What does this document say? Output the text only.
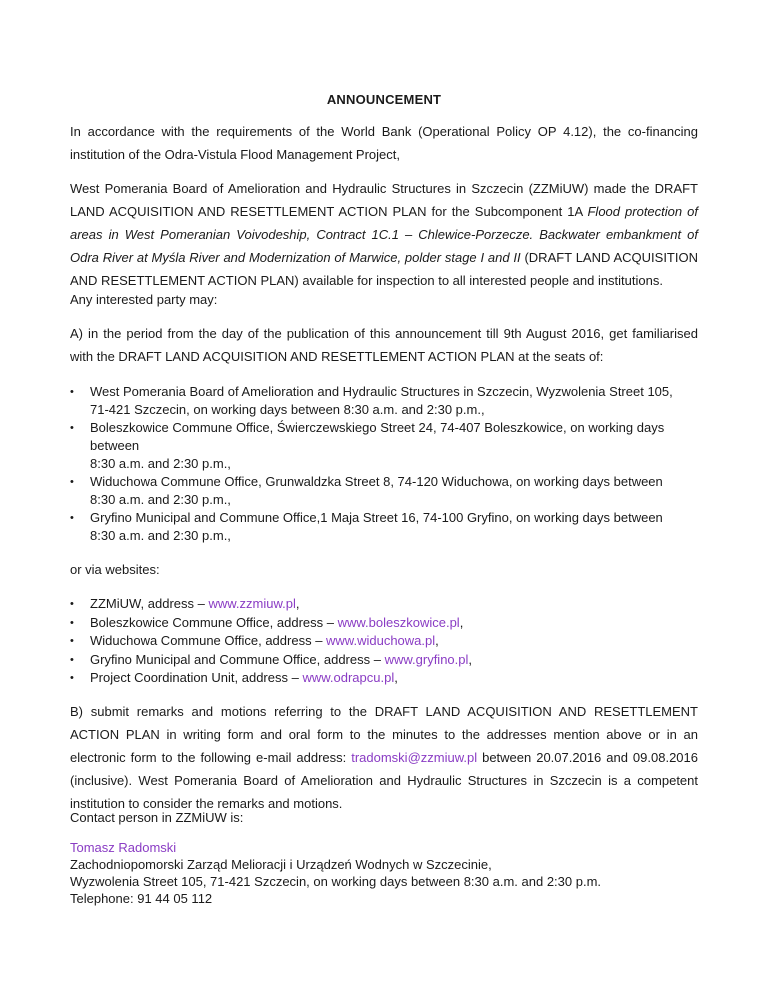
ANNOUNCEMENT
In accordance with the requirements of the World Bank (Operational Policy OP 4.12), the co-financing institution of the Odra-Vistula Flood Management Project,
West Pomerania Board of Amelioration and Hydraulic Structures in Szczecin (ZZMiUW) made the DRAFT LAND ACQUISITION AND RESETTLEMENT ACTION PLAN for the Subcomponent 1A Flood protection of areas in West Pomeranian Voivodeship, Contract 1C.1 – Chlewice-Porzecze. Backwater embankment of Odra River at Myśla River and Modernization of Marwice, polder stage I and II (DRAFT LAND ACQUISITION AND RESETTLEMENT ACTION PLAN) available for inspection to all interested people and institutions.
Any interested party may:
A) in the period from the day of the publication of this announcement till 9th August 2016, get familiarised with the DRAFT LAND ACQUISITION AND RESETTLEMENT ACTION PLAN at the seats of:
• West Pomerania Board of Amelioration and Hydraulic Structures in Szczecin, Wyzwolenia Street 105,
71-421 Szczecin, on working days between 8:30 a.m. and 2:30 p.m.,
• Boleszkowice Commune Office, Świerczewskiego Street 24, 74-407 Boleszkowice, on working days
between
8:30 a.m. and 2:30 p.m.,
• Widuchowa Commune Office, Grunwaldzka Street 8, 74-120 Widuchowa, on working days between
8:30 a.m. and 2:30 p.m.,
• Gryfino Municipal and Commune Office,1 Maja Street 16, 74-100 Gryfino, on working days between
8:30 a.m. and 2:30 p.m.,
or via websites:
• ZZMiUW, address – www.zzmiuw.pl,
• Boleszkowice Commune Office, address – www.boleszkowice.pl,
• Widuchowa Commune Office, address – www.widuchowa.pl,
• Gryfino Municipal and Commune Office, address – www.gryfino.pl,
• Project Coordination Unit, address – www.odrapcu.pl,
B) submit remarks and motions referring to the DRAFT LAND ACQUISITION AND RESETTLEMENT ACTION PLAN in writing form and oral form to the minutes to the addresses mention above or in an electronic form to the following e-mail address: tradomski@zzmiuw.pl between 20.07.2016 and 09.08.2016 (inclusive). West Pomerania Board of Amelioration and Hydraulic Structures in Szczecin is a competent institution to consider the remarks and motions.
Contact person in ZZMiUW is:
Tomasz Radomski
Zachodniopomorski Zarząd Melioracji i Urządzeń Wodnych w Szczecinie,
Wyzwolenia Street 105, 71-421 Szczecin, on working days between 8:30 a.m. and 2:30 p.m.
Telephone: 91 44 05 112
